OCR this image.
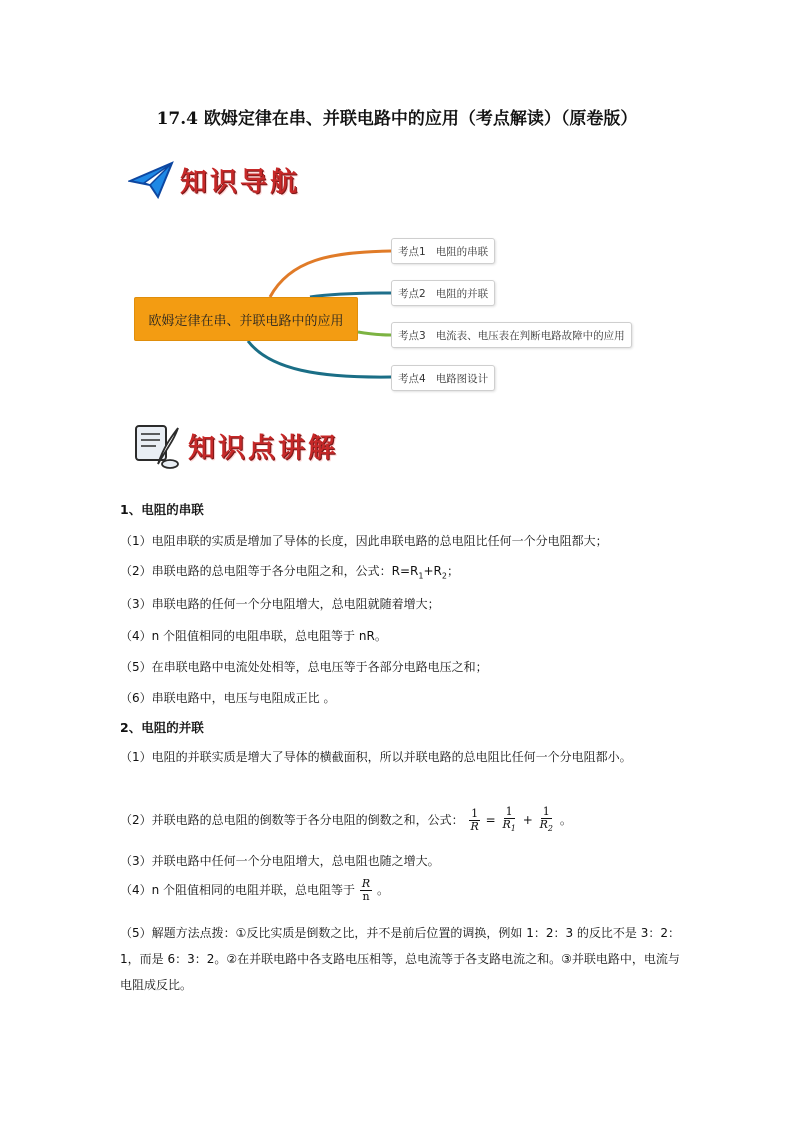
17.4 欧姆定律在串、并联电路中的应用（考点解读）（原卷版）
知识导航
欧姆定律在串、并联电路中的应用
考点1 电阻的串联
考点2 电阻的并联
考点3 电流表、电压表在判断电路故障中的应用
考点4 电路图设计
知识点讲解
1、电阻的串联
（1）电阻串联的实质是增加了导体的长度，因此串联电路的总电阻比任何一个分电阻都大；
（2）串联电路的总电阻等于各分电阻之和，公式：$R=R_1+R_2$；
（3）串联电路的任何一个分电阻增大，总电阻就随着增大；
（4）n 个阻值相同的电阻串联，总电阻等于 nR。
（5）在串联电路中电流处处相等，总电压等于各部分电路电压之和；
（6）串联电路中，电压与电阻成正比 。
2、电阻的并联
（1）电阻的并联实质是增大了导体的横截面积，所以并联电路的总电阻比任何一个分电阻都小。
（2）并联电路的总电阻的倒数等于各分电阻的倒数之和，公式： $\frac{1}{R} = \frac{1}{R_1} + \frac{1}{R_2}$ 。
（3）并联电路中任何一个分电阻增大，总电阻也随之增大。
（4）n 个阻值相同的电阻并联，总电阻等于 $\frac{R}{n}$ 。
（5）解题方法点拨：①反比实质是倒数之比，并不是前后位置的调换，例如 1：2：3 的反比不是 3：2：1，而是 6：3：2。②在并联电路中各支路电压相等，总电流等于各支路电流之和。③并联电路中，电流与电阻成反比。
